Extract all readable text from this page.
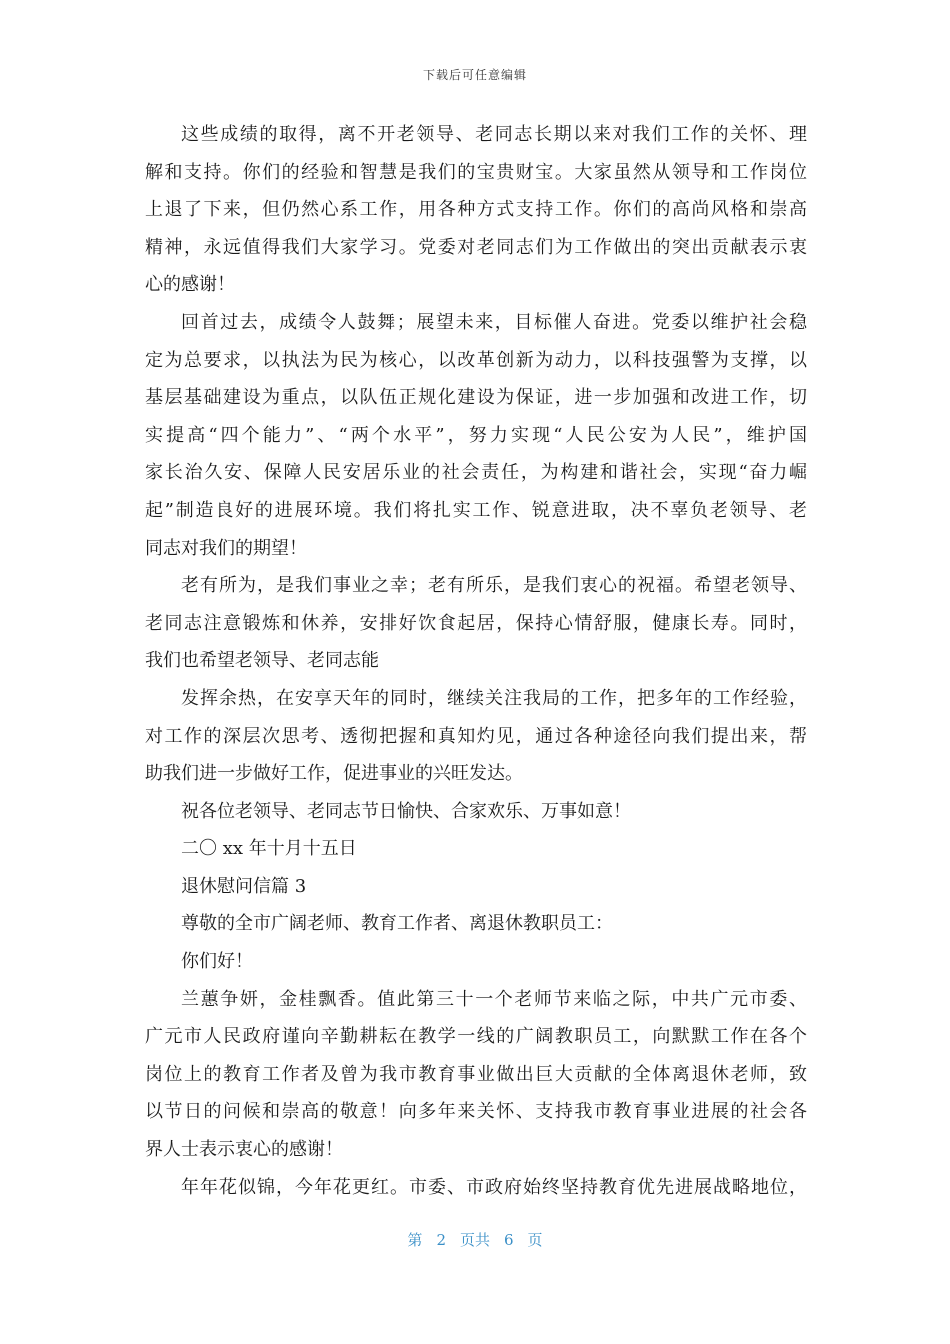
下载后可任意编辑
这些成绩的取得，离不开老领导、老同志长期以来对我们工作的关怀、理
解和支持。你们的经验和智慧是我们的宝贵财宝。大家虽然从领导和工作岗位
上退了下来，但仍然心系工作，用各种方式支持工作。你们的高尚风格和崇高
精神，永远值得我们大家学习。党委对老同志们为工作做出的突出贡献表示衷
心的感谢！
回首过去，成绩令人鼓舞；展望未来，目标催人奋进。党委以维护社会稳
定为总要求，以执法为民为核心，以改革创新为动力，以科技强警为支撑，以
基层基础建设为重点，以队伍正规化建设为保证，进一步加强和改进工作，切
实提高“四个能力”、“两个水平”，努力实现“人民公安为人民”，维护国
家长治久安、保障人民安居乐业的社会责任，为构建和谐社会，实现“奋力崛
起”制造良好的进展环境。我们将扎实工作、锐意进取，决不辜负老领导、老
同志对我们的期望！
老有所为，是我们事业之幸；老有所乐，是我们衷心的祝福。希望老领导、
老同志注意锻炼和休养，安排好饮食起居，保持心情舒服，健康长寿。同时，
我们也希望老领导、老同志能
发挥余热，在安享天年的同时，继续关注我局的工作，把多年的工作经验，
对工作的深层次思考、透彻把握和真知灼见，通过各种途径向我们提出来，帮
助我们进一步做好工作，促进事业的兴旺发达。
祝各位老领导、老同志节日愉快、合家欢乐、万事如意！
二〇 xx 年十月十五日
退休慰问信篇 3
尊敬的全市广阔老师、教育工作者、离退休教职员工：
你们好！
兰蕙争妍，金桂飘香。值此第三十一个老师节来临之际，中共广元市委、
广元市人民政府谨向辛勤耕耘在教学一线的广阔教职员工，向默默工作在各个
岗位上的教育工作者及曾为我市教育事业做出巨大贡献的全体离退休老师，致
以节日的问候和崇高的敬意！向多年来关怀、支持我市教育事业进展的社会各
界人士表示衷心的感谢！
年年花似锦，今年花更红。市委、市政府始终坚持教育优先进展战略地位，
第 2 页共 6 页
